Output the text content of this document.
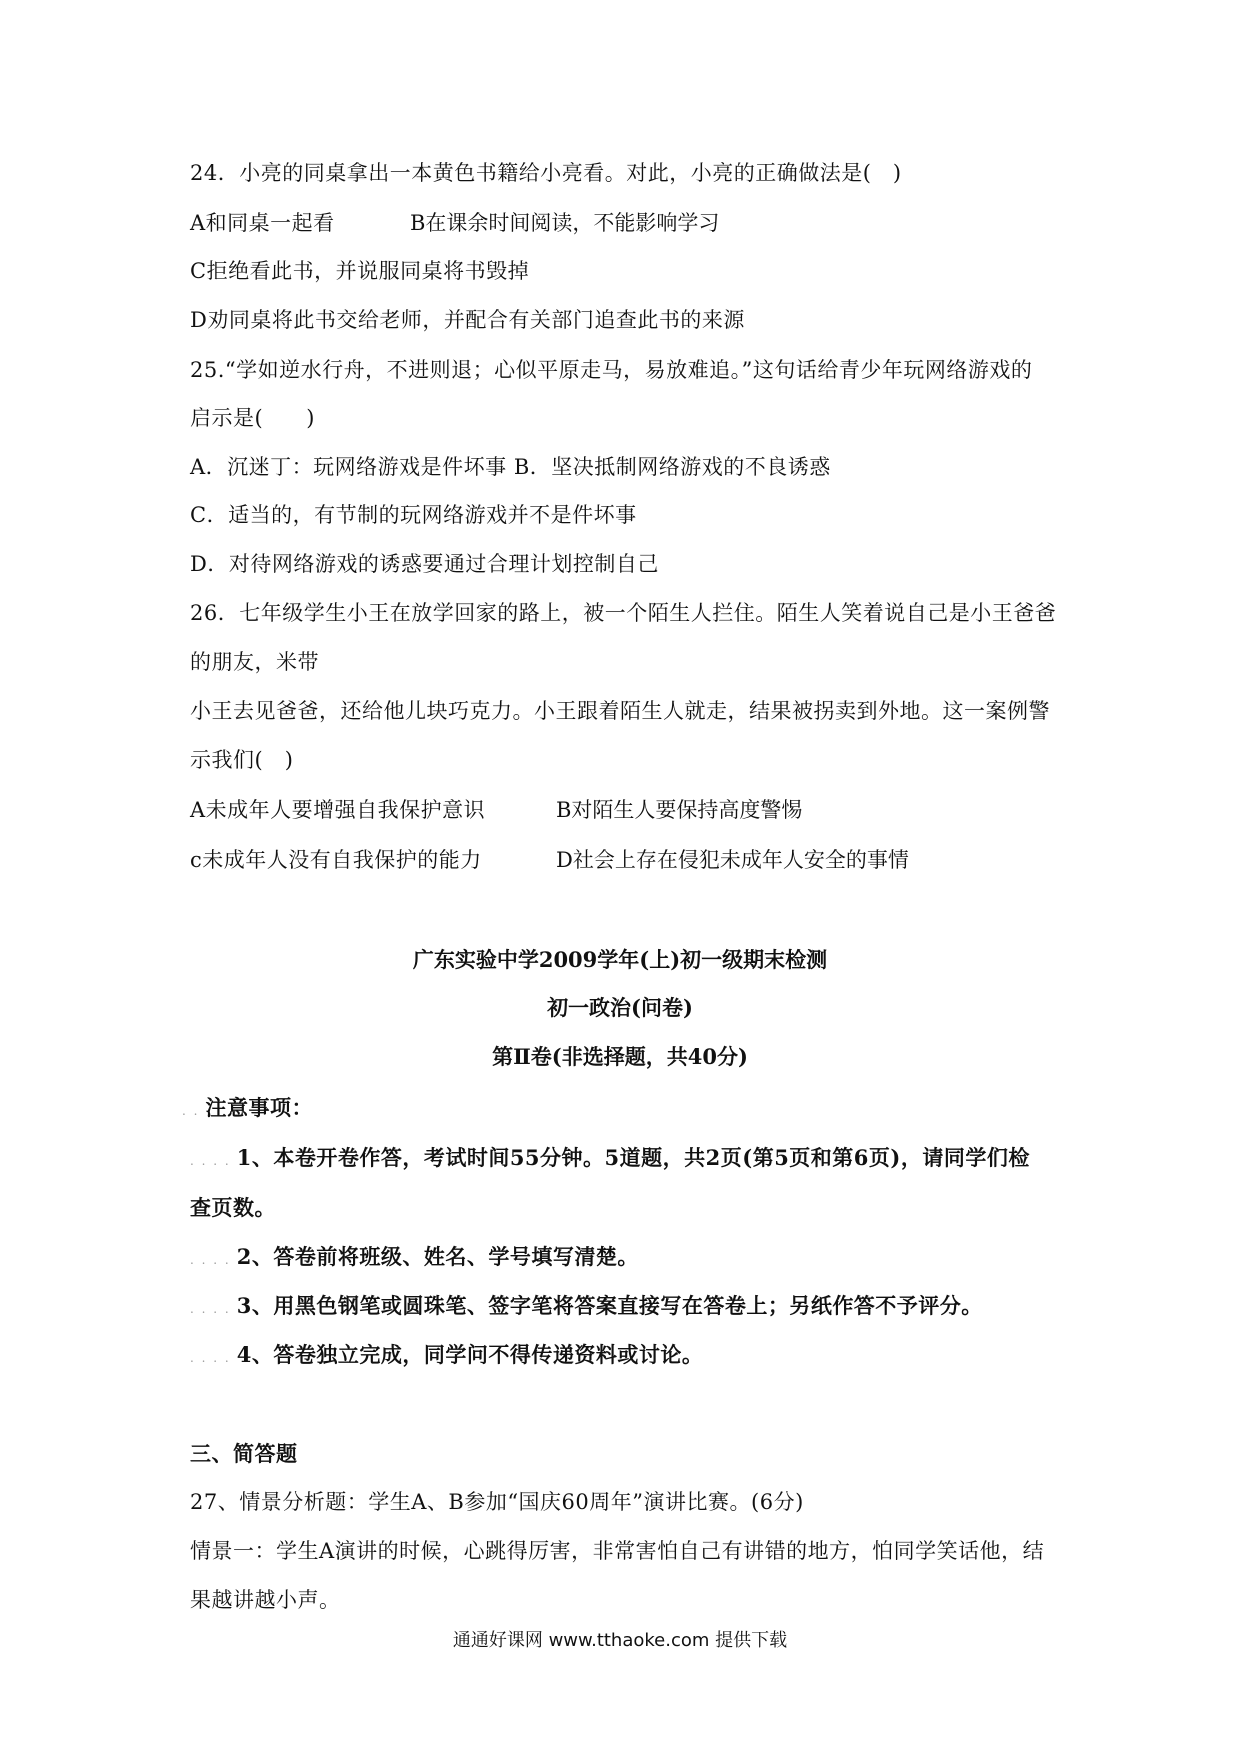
24．小亮的同桌拿出一本黄色书籍给小亮看。对此，小亮的正确做法是(　)
A和同桌一起看	B在课余时间阅读，不能影响学习
C拒绝看此书，并说服同桌将书毁掉
D劝同桌将此书交给老师，并配合有关部门追查此书的来源
25.“学如逆水行舟，不进则退；心似平原走马，易放难追。”这句话给青少年玩网络游戏的
启示是(　　)
A．沉迷丁：玩网络游戏是件坏事 B．坚决抵制网络游戏的不良诱惑
C．适当的，有节制的玩网络游戏并不是件坏事
D．对待网络游戏的诱惑要通过合理计划控制自己
26．七年级学生小王在放学回家的路上，被一个陌生人拦住。陌生人笑着说自己是小王爸爸
的朋友，米带
小王去见爸爸，还给他儿块巧克力。小王跟着陌生人就走，结果被拐卖到外地。这一案例警
示我们(　)
A未成年人要增强自我保护意识	B对陌生人要保持高度警惕
c未成年人没有自我保护的能力	D社会上存在侵犯未成年人安全的事情
广东实验中学2009学年(上)初一级期末检测
初一政治(问卷)
第Ⅱ卷(非选择题，共40分)
. . 注意事项：
. . . . 1、本卷开卷作答，考试时间55分钟。5道题，共2页(第5页和第6页)，请同学们检
查页数。
. . . . 2、答卷前将班级、姓名、学号填写清楚。
. . . . 3、用黑色钢笔或圆珠笔、签字笔将答案直接写在答卷上；另纸作答不予评分。
. . . . 4、答卷独立完成，同学问不得传递资料或讨论。
三、简答题
27、情景分析题：学生A、B参加“国庆60周年”演讲比赛。(6分)
情景一：学生A演讲的时候，心跳得厉害，非常害怕自己有讲错的地方，怕同学笑话他，结
果越讲越小声。
通通好课网 www.tthaoke.com 提供下载
